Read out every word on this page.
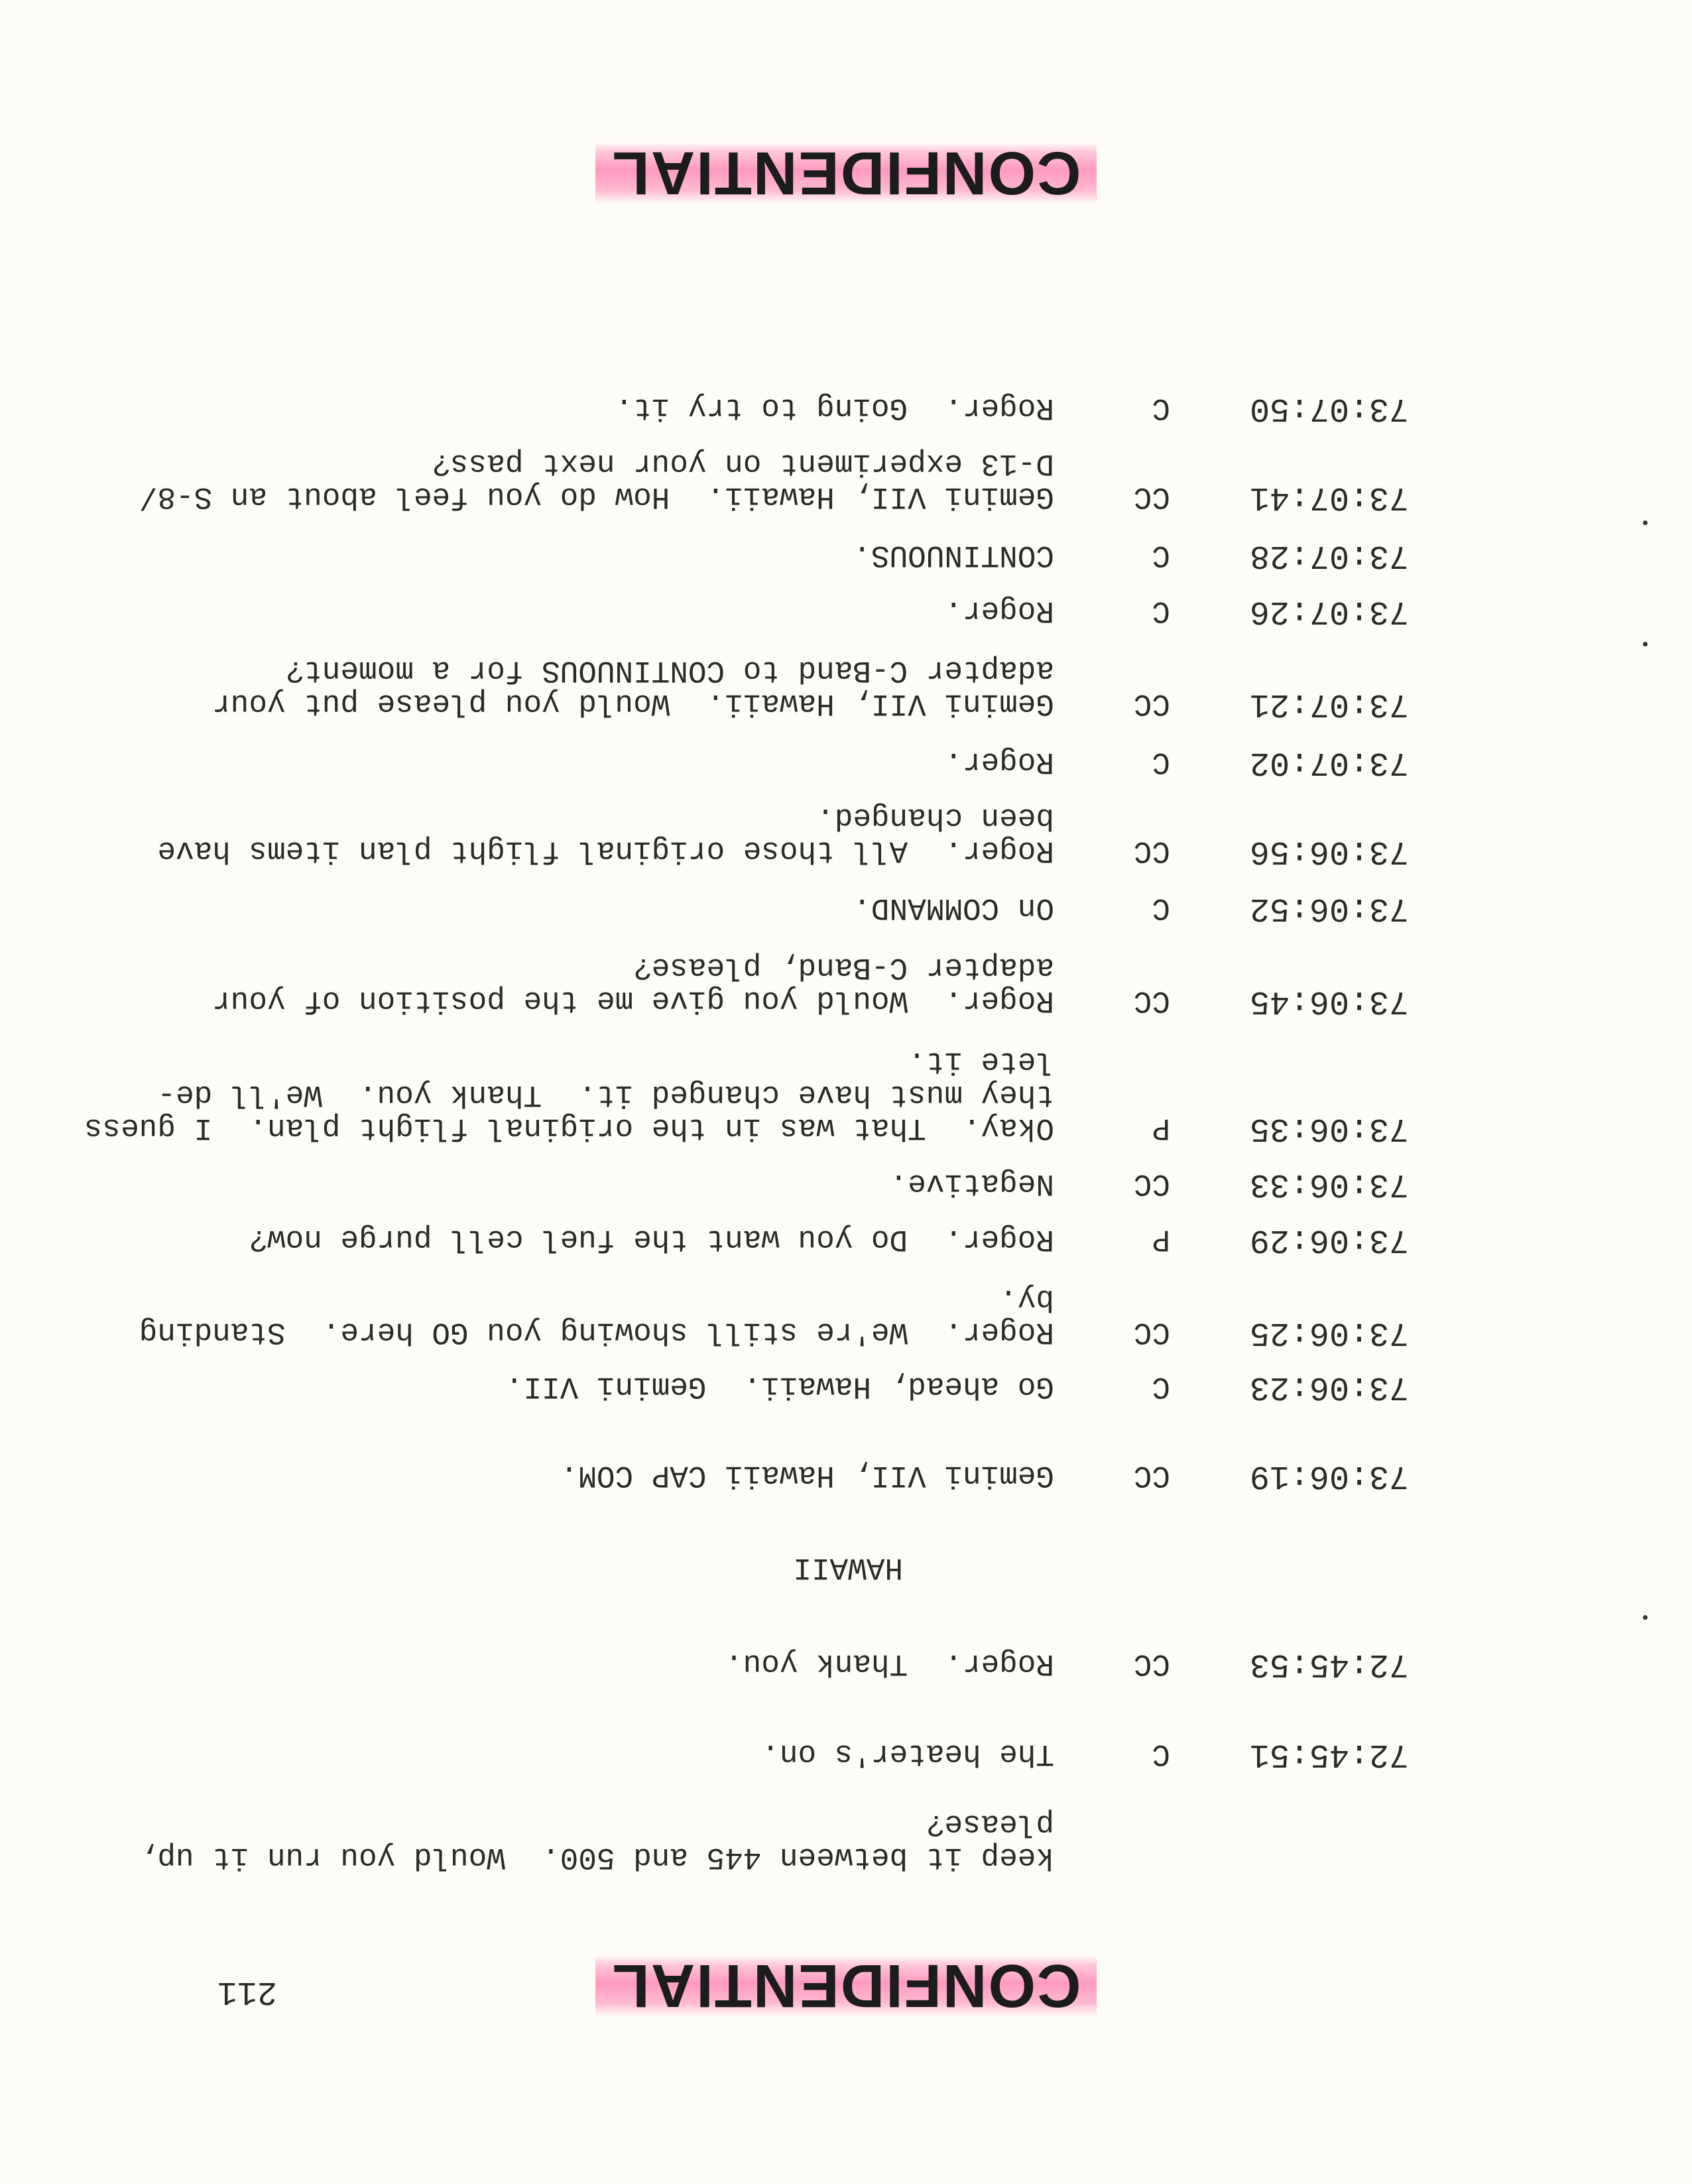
CONFIDENTIAL
211
keep it between 445 and 500.  Would you run it up,
please?
72:45:51
C
The heater's on.
72:45:53
CC
Roger.  Thank you.
HAWAII
73:06:19
CC
Gemini VII, Hawaii CAP COM.
73:06:23
C
Go ahead, Hawaii.  Gemini VII.
73:06:25
CC
Roger.  We're still showing you GO here.  Standing
by.
73:06:29
P
Roger.  Do you want the fuel cell purge now?
73:06:33
CC
Negative.
73:06:35
P
Okay.  That was in the original flight plan.  I guess
they must have changed it.  Thank you.  We'll de-
lete it.
73:06:45
CC
Roger.  Would you give me the position of your
adapter C-Band, please?
73:06:52
C
On COMMAND.
73:06:56
CC
Roger.  All those original flight plan items have
been changed.
73:07:02
C
Roger.
73:07:21
CC
Gemini VII, Hawaii.  Would you please put your
adapter C-Band to CONTINUOUS for a moment?
73:07:26
C
Roger.
73:07:28
C
CONTINUOUS.
73:07:41
CC
Gemini VII, Hawaii.  How do you feel about an S-8/
D-13 experiment on your next pass?
73:07:50
C
Roger.  Going to try it.
CONFIDENTIAL
